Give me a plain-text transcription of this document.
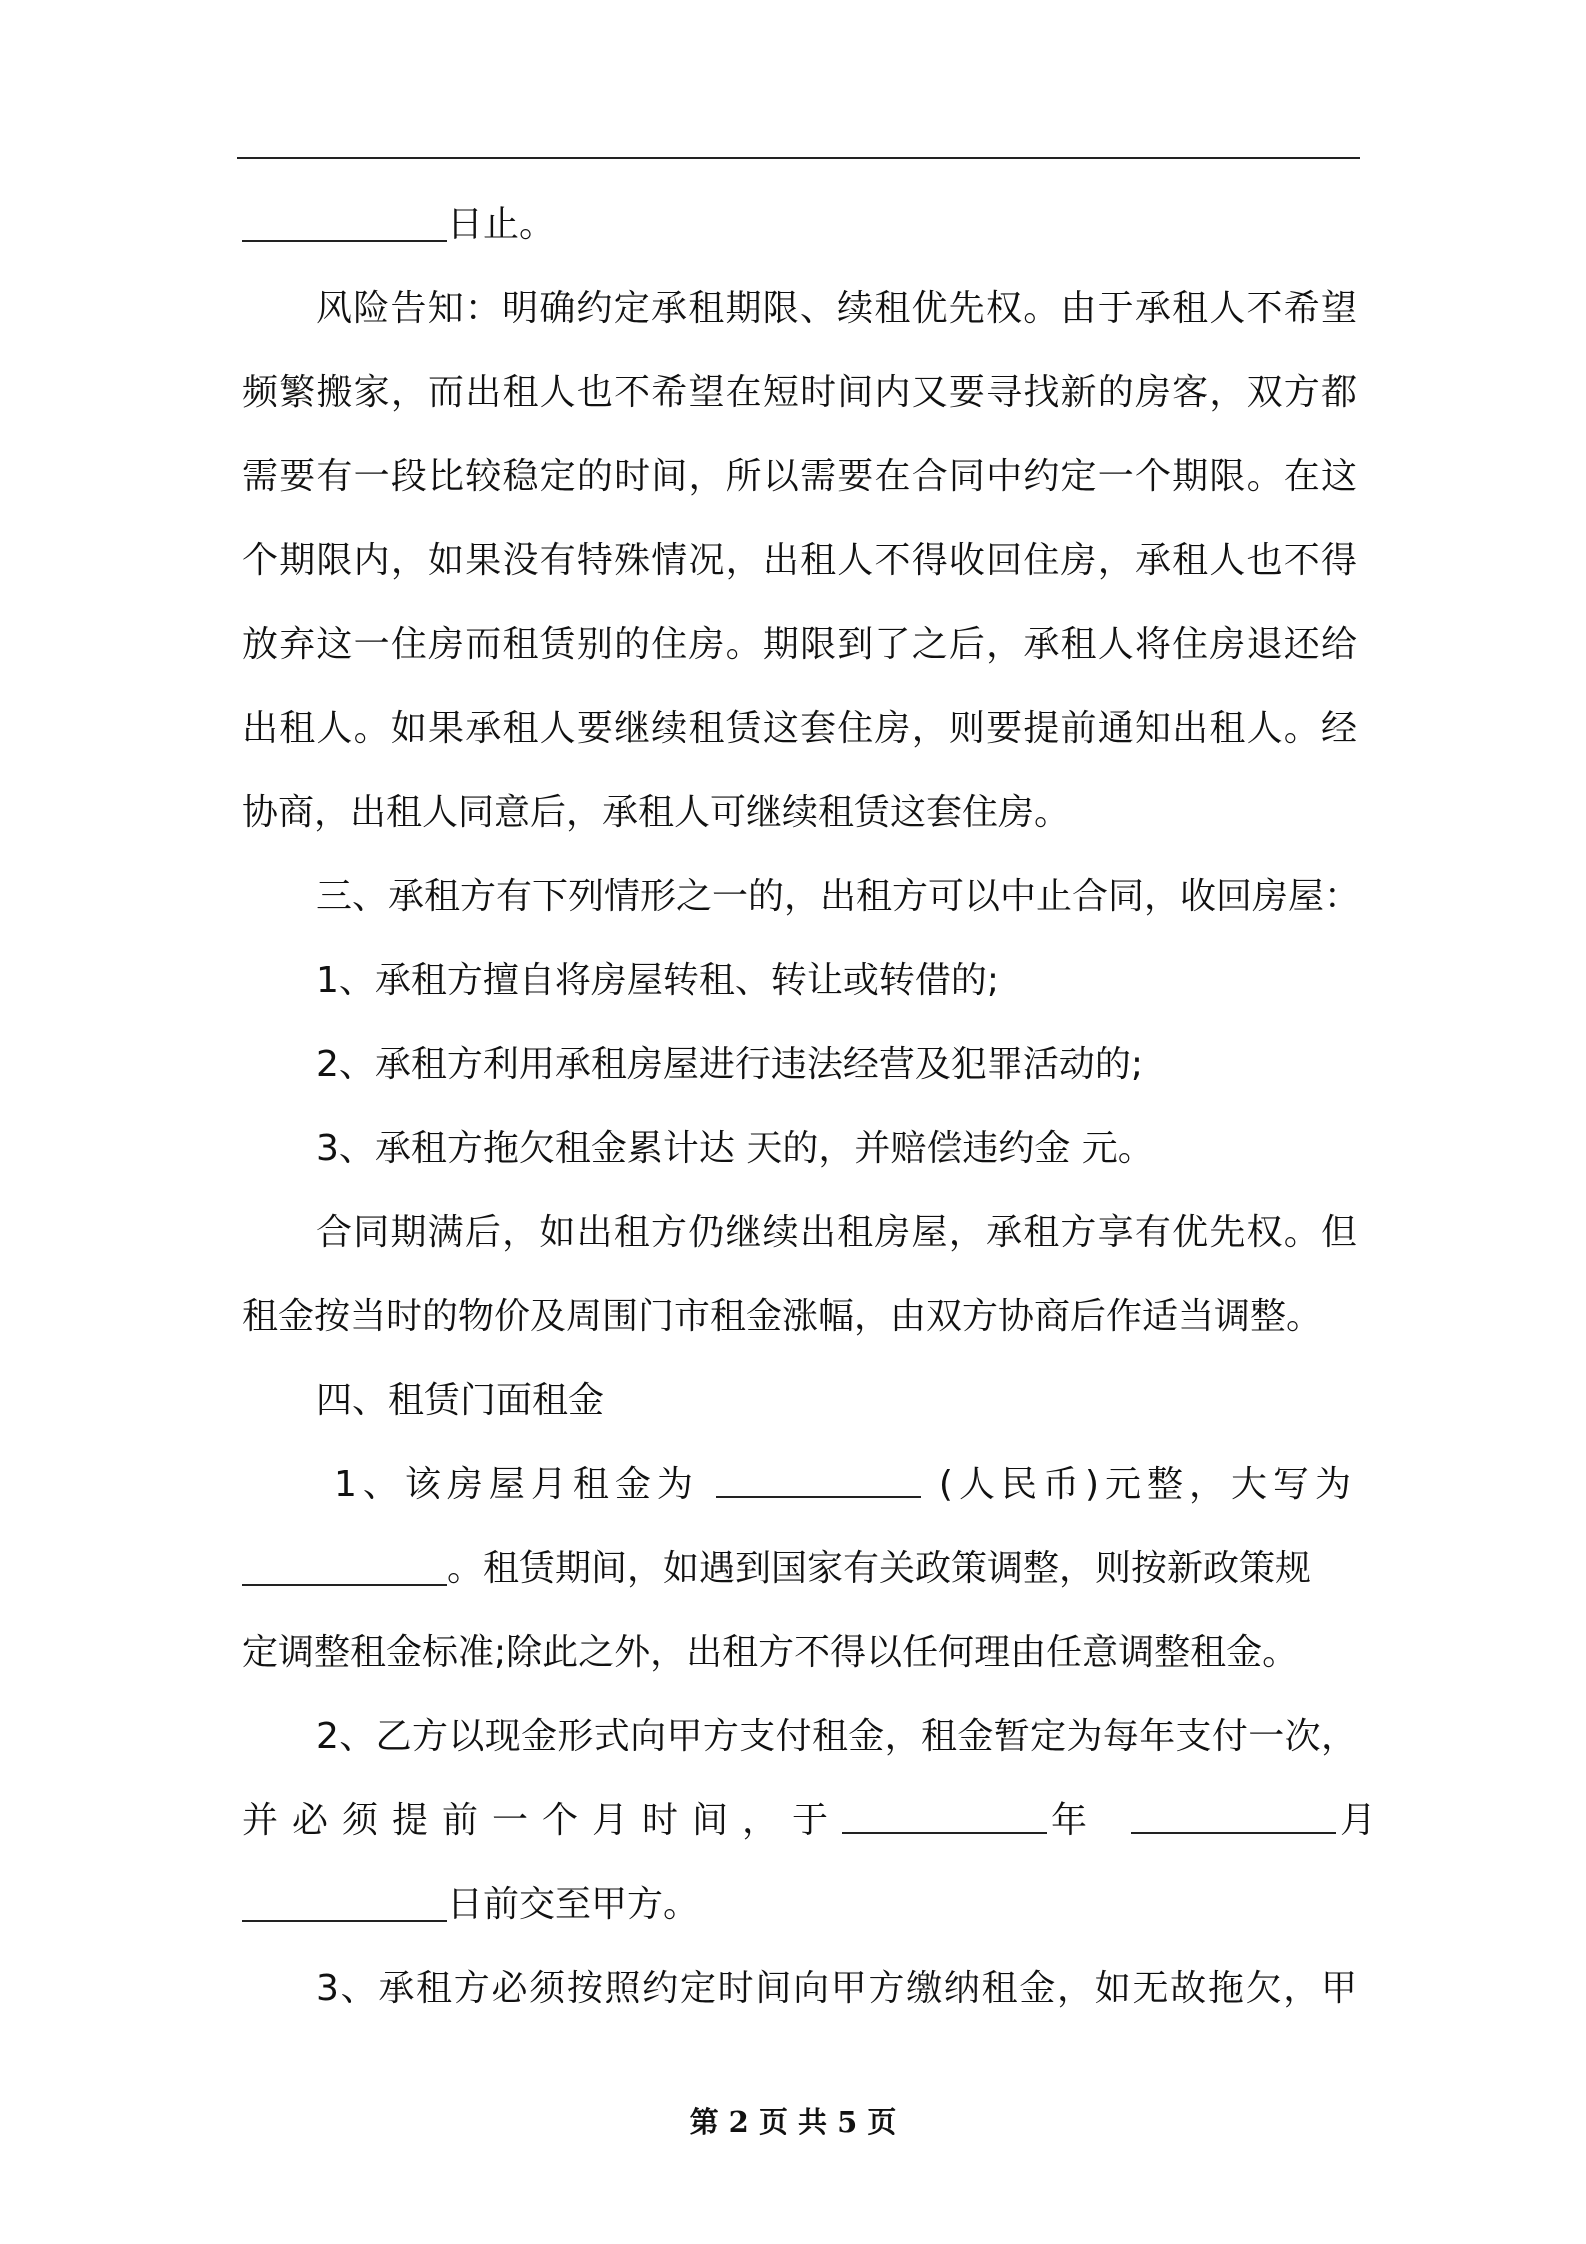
日止。
风险告知：明确约定承租期限、续租优先权。由于承租人不希望
频繁搬家，而出租人也不希望在短时间内又要寻找新的房客，双方都
需要有一段比较稳定的时间，所以需要在合同中约定一个期限。在这
个期限内，如果没有特殊情况，出租人不得收回住房，承租人也不得
放弃这一住房而租赁别的住房。期限到了之后，承租人将住房退还给
出租人。如果承租人要继续租赁这套住房，则要提前通知出租人。经
协商，出租人同意后，承租人可继续租赁这套住房。
三、承租方有下列情形之一的，出租方可以中止合同，收回房屋：
1、承租方擅自将房屋转租、转让或转借的;
2、承租方利用承租房屋进行违法经营及犯罪活动的;
3、承租方拖欠租金累计达 天的，并赔偿违约金 元。
合同期满后，如出租方仍继续出租房屋，承租方享有优先权。但
租金按当时的物价及周围门市租金涨幅，由双方协商后作适当调整。
四、租赁门面租金
1、该房屋月租金为	(人民币)元整，大写为
。租赁期间，如遇到国家有关政策调整，则按新政策规
定调整租金标准;除此之外，出租方不得以任何理由任意调整租金。
2、乙方以现金形式向甲方支付租金，租金暂定为每年支付一次，
并必须提前一个月时间，于	年	月
日前交至甲方。
3、承租方必须按照约定时间向甲方缴纳租金，如无故拖欠，甲
第 2 页 共 5 页
